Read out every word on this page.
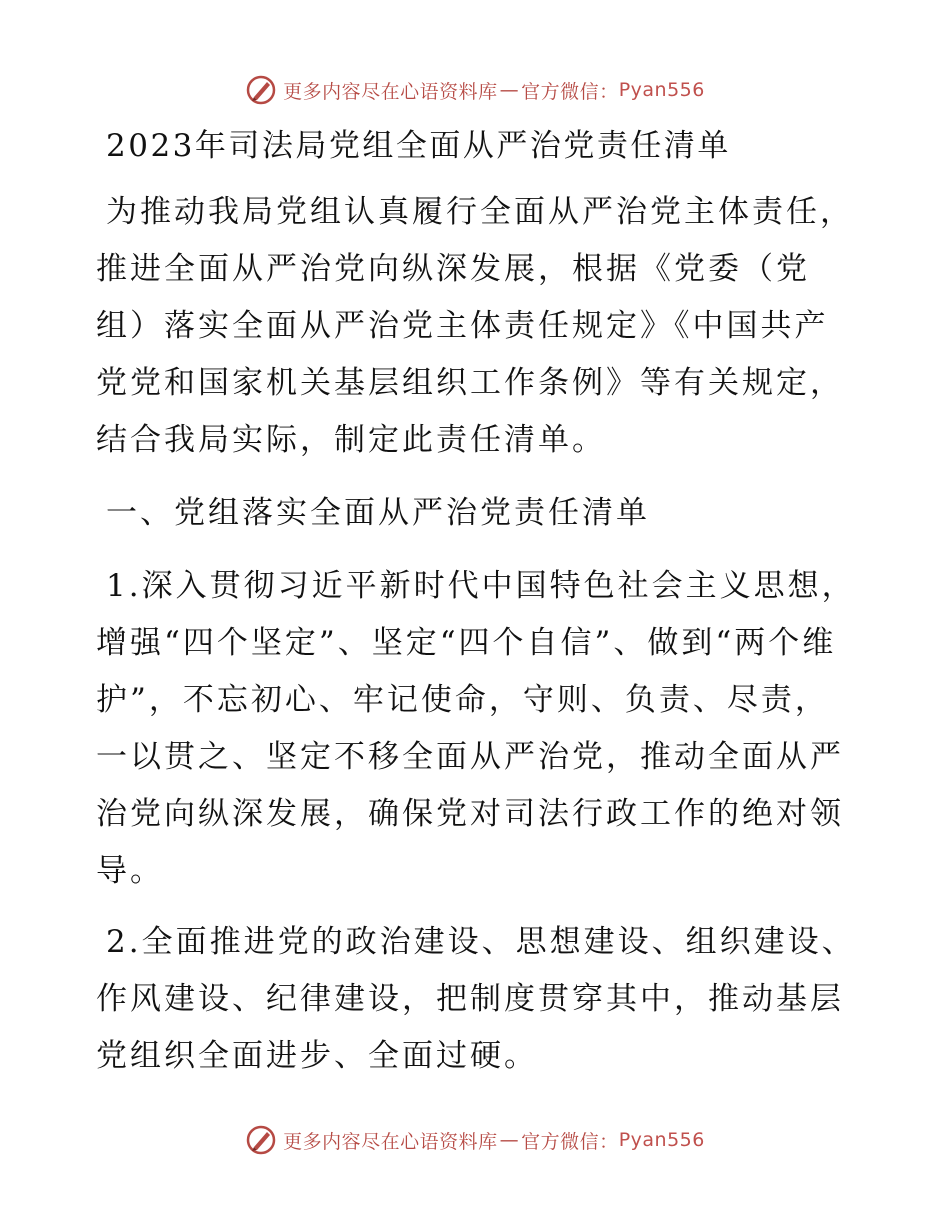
更多内容尽在心语资料库 — 官方微信： Pyan556
2023年司法局党组全面从严治党责任清单

为推动我局党组认真履行全面从严治党主体责任，推进全面从严治党向纵深发展，根据《党委（党组）落实全面从严治党主体责任规定》《中国共产党党和国家机关基层组织工作条例》等有关规定，结合我局实际，制定此责任清单。

一、党组落实全面从严治党责任清单

1.深入贯彻习近平新时代中国特色社会主义思想，增强“四个坚定”、坚定“四个自信”、做到“两个维护”，不忘初心、牢记使命，守则、负责、尽责，一以贯之、坚定不移全面从严治党，推动全面从严治党向纵深发展，确保党对司法行政工作的绝对领导。

2.全面推进党的政治建设、思想建设、组织建设、作风建设、纪律建设，把制度贯穿其中，推动基层党组织全面进步、全面过硬。

更多内容尽在心语资料库 — 官方微信： Pyan556
